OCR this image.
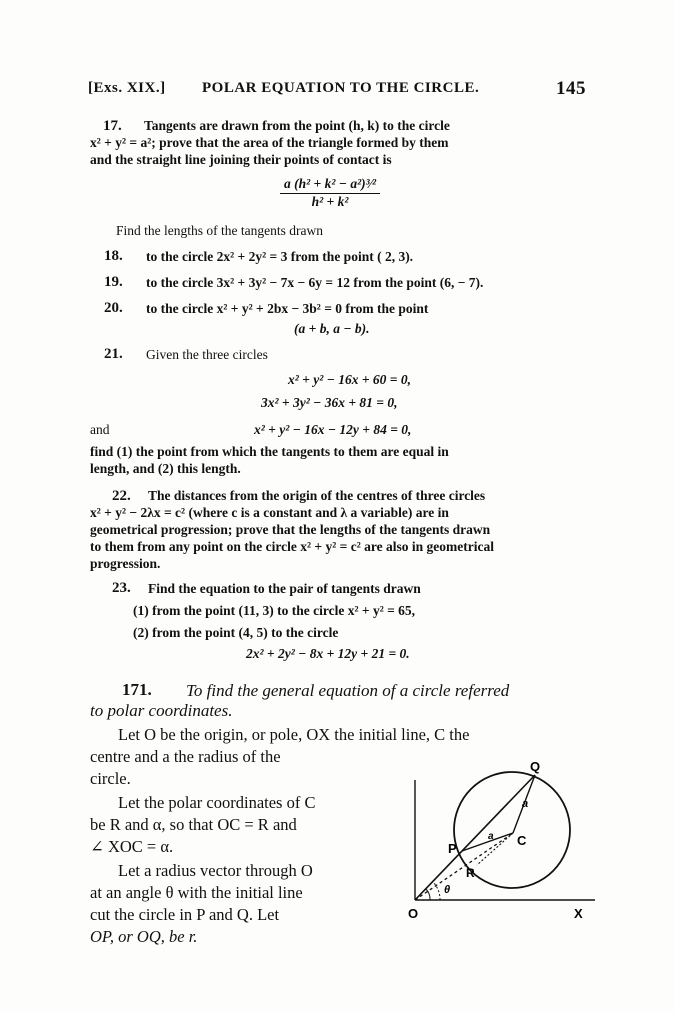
[Exs. XIX.] POLAR EQUATION TO THE CIRCLE.	145
17. Tangents are drawn from the point (h, k) to the circle
x² + y² = a²; prove that the area of the triangle formed by them
and the straight line joining their points of contact is
$\frac{\text{a (h² + k² − a²)³⁄²}}{\text{h² + k²}}$
Find the lengths of the tangents drawn
18. to the circle 2x² + 2y² = 3 from the point ( 2, 3).
19. to the circle 3x² + 3y² − 7x − 6y = 12 from the point (6, − 7).
20. to the circle x² + y² + 2bx − 3b² = 0 from the point
(a + b, a − b).
21. Given the three circles
x² + y² − 16x + 60 = 0,
3x² + 3y² − 36x + 81 = 0,
and	x² + y² − 16x − 12y + 84 = 0,
find (1) the point from which the tangents to them are equal in
length, and (2) this length.
22. The distances from the origin of the centres of three circles
x² + y² − 2λx = c² (where c is a constant and λ a variable) are in
geometrical progression; prove that the lengths of the tangents drawn
to them from any point on the circle x² + y² = c² are also in geometrical
progression.
23. Find the equation to the pair of tangents drawn
(1) from the point (11, 3) to the circle x² + y² = 65,
(2) from the point (4, 5) to the circle
2x² + 2y² − 8x + 12y + 21 = 0.
171. To find the general equation of a circle referred
to polar coordinates.
Let O be the origin, or pole, OX the initial line, C the
centre and a the radius of the
circle.
Let the polar coordinates of C
be R and α, so that OC = R and
∠ XOC = α.
Let a radius vector through O
at an angle θ with the initial line
cut the circle in P and Q. Let
OP, or OQ, be r.
Q
a
C
a
P
R
θ
O	X
